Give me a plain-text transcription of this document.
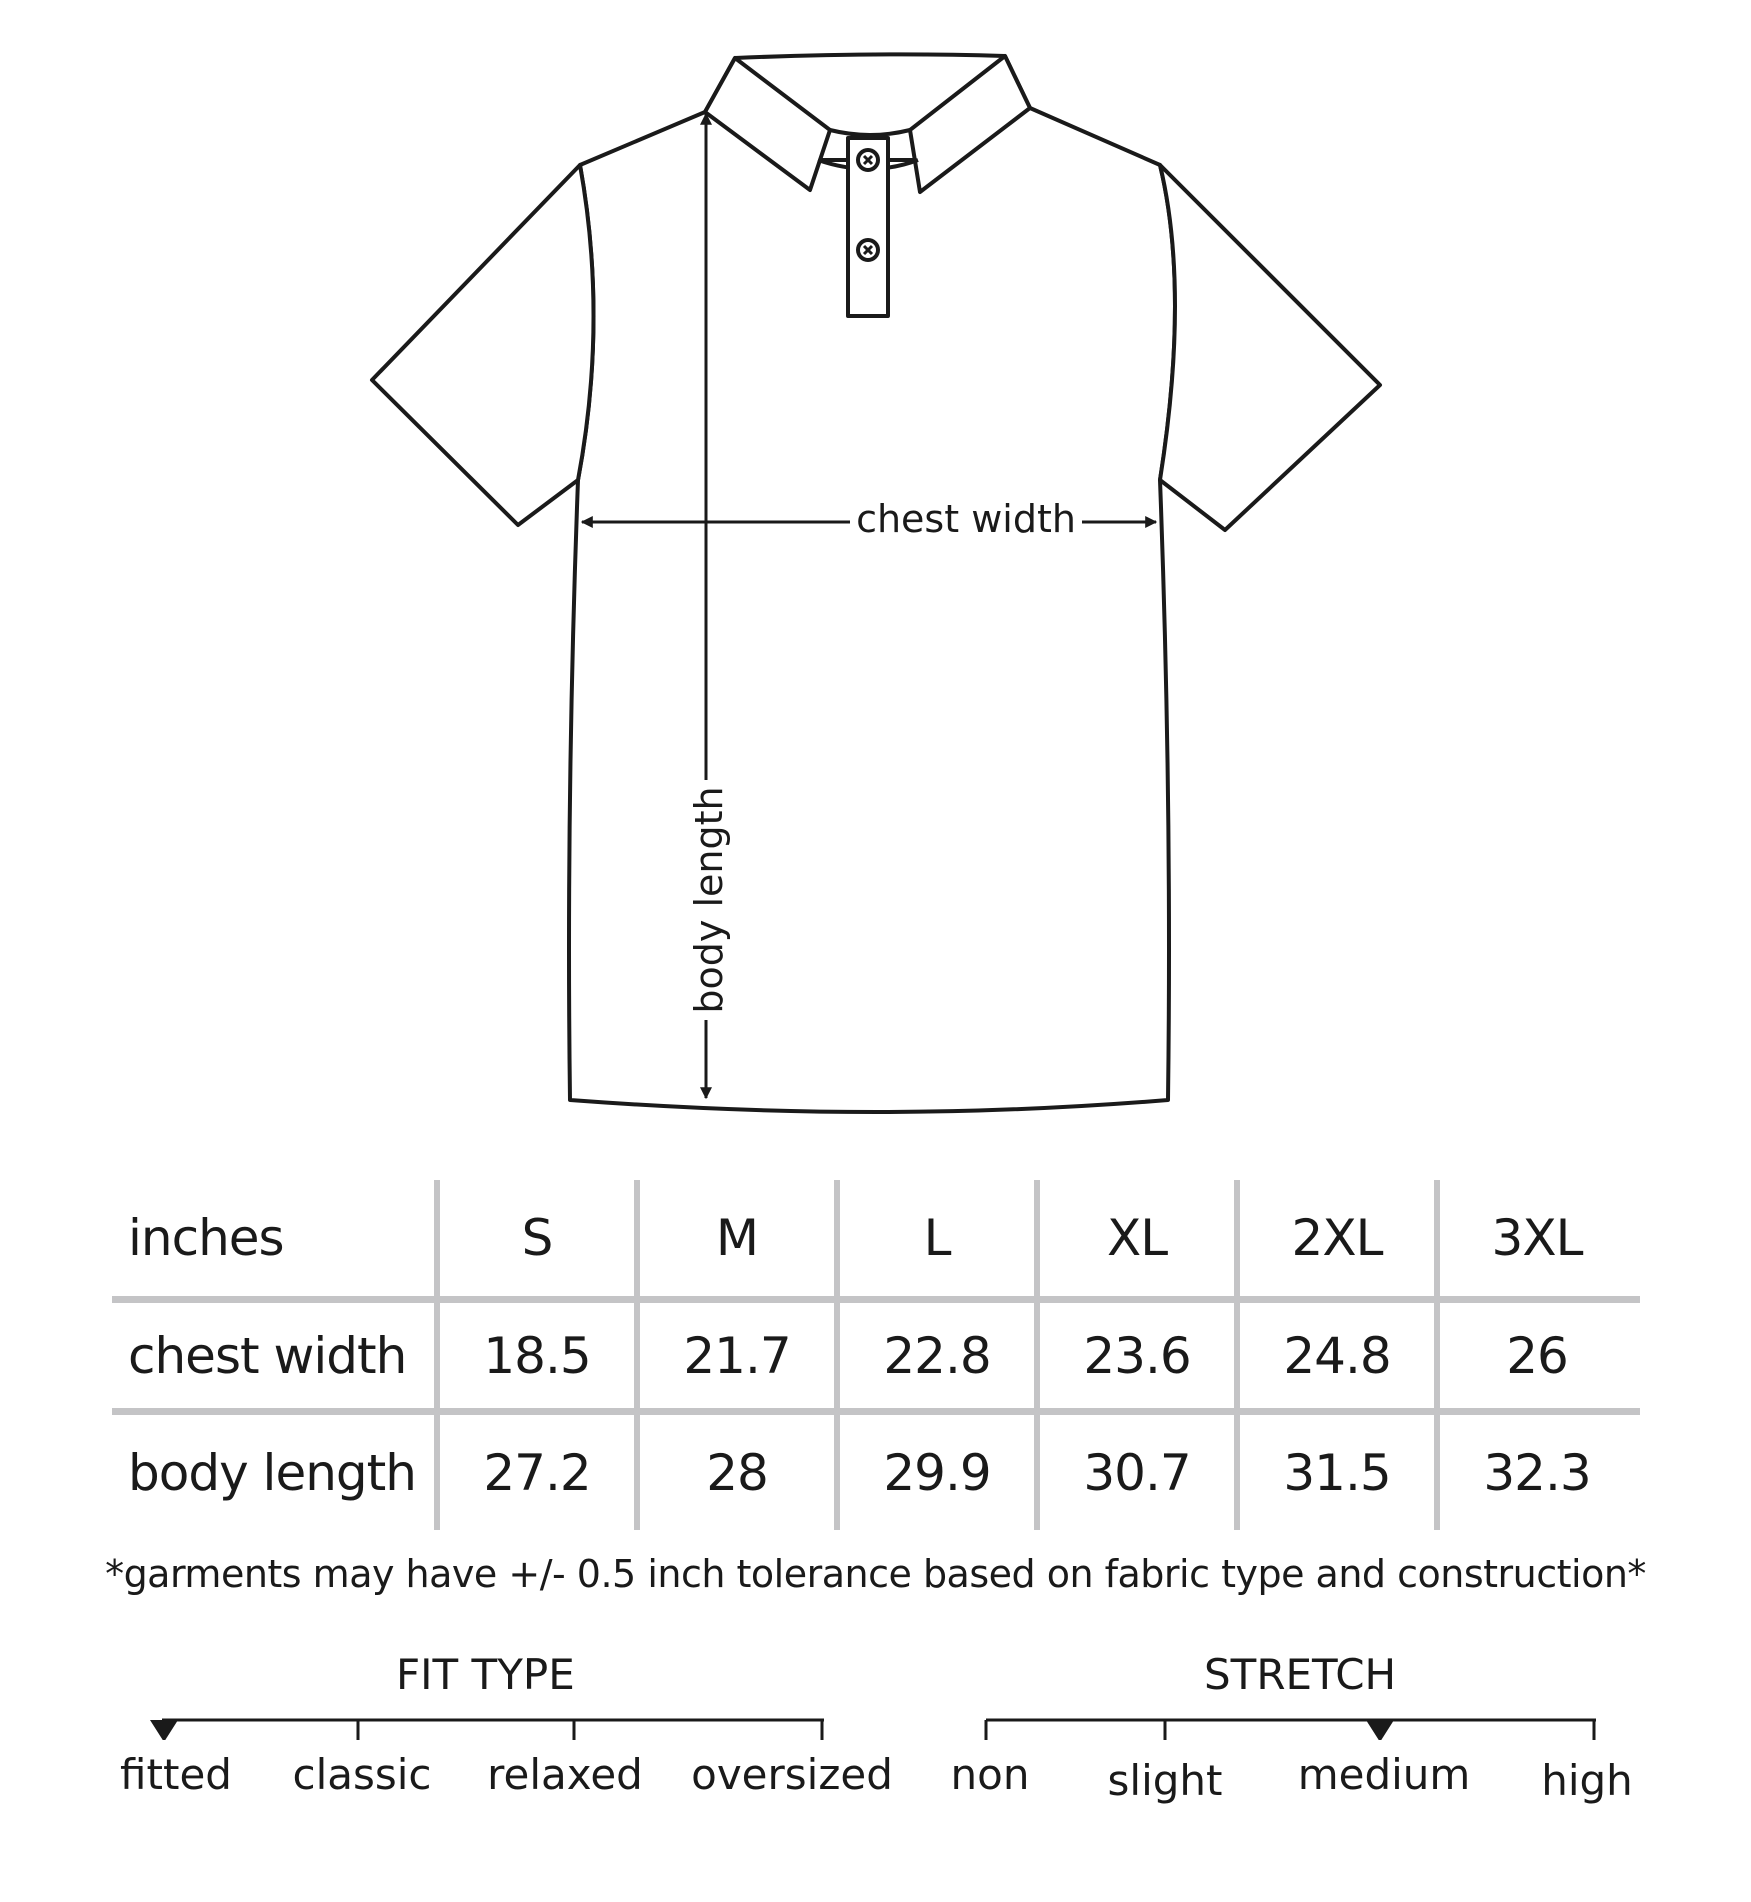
chest width
body length
inches	S	M	L	XL	2XL	3XL
chest width	18.5	21.7	22.8	23.6	24.8	26
body length	27.2	28	29.9	30.7	31.5	32.3
*garments may have +/- 0.5 inch tolerance based on fabric type and construction*
FIT TYPE
fitted classic relaxed oversized
STRETCH
non slight medium high
